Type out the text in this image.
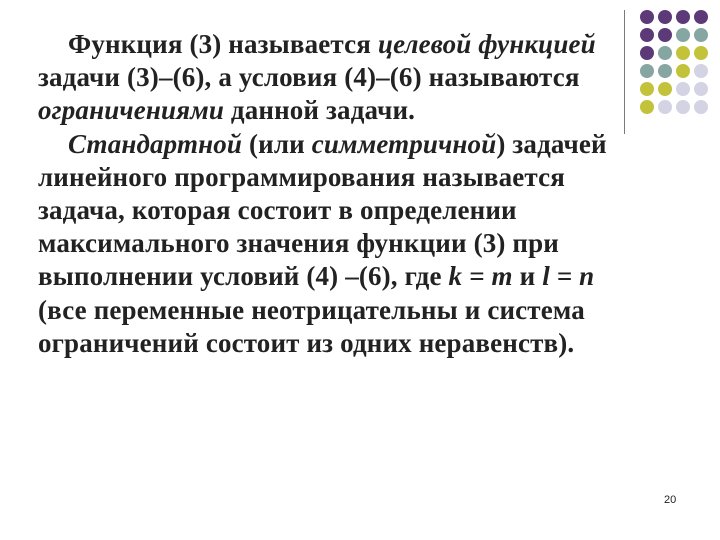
Функция (3) называется целевой функцией задачи (3)–(6), а условия (4)–(6) называются ограничениями данной задачи.

Стандартной (или симметричной) задачей линейного программирования называется задача, которая состоит в определении максимального значения функции (3) при выполнении условий (4) –(6), где k = m и l = n (все переменные неотрицательны и система ограничений состоит из одних неравенств).

20
